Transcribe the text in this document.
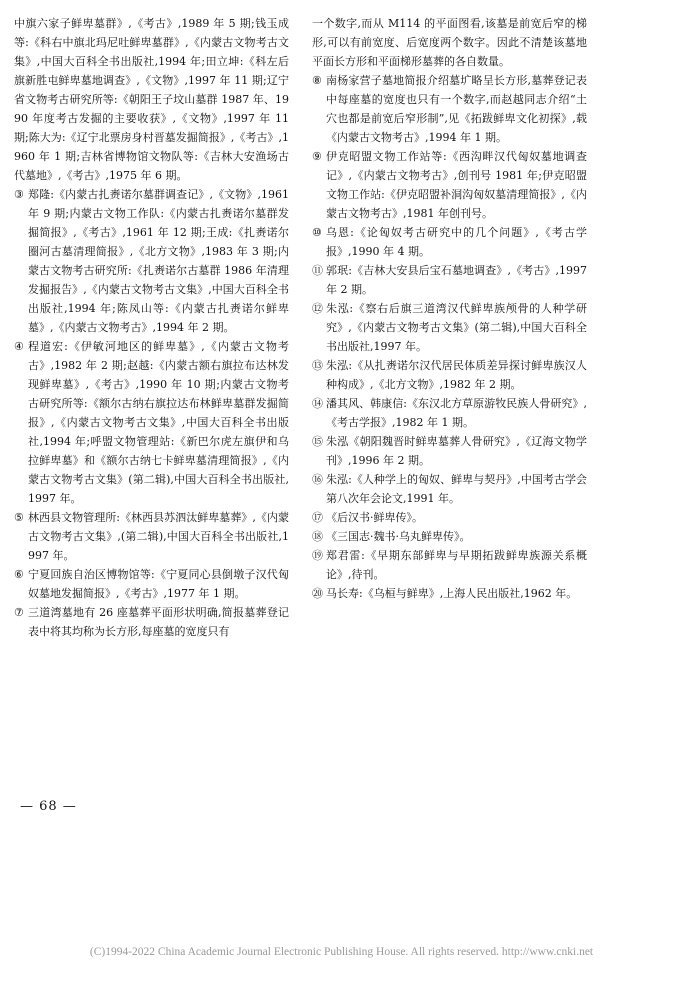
中旗六家子鲜卑墓群》,《考古》,1989 年 5 期;钱玉成等:《科右中旗北玛尼吐鲜卑墓群》,《内蒙古文物考古文集》,中国大百科全书出版社,1994 年;田立坤:《科左后旗新胜屯鲜卑墓地调查》,《文物》,1997 年 11 期;辽宁省文物考古研究所等:《朝阳王子坟山墓群 1987 年、1990 年度考古发掘的主要收获》,《文物》,1997 年 11 期;陈大为:《辽宁北票房身村晋墓发掘简报》,《考古》,1960 年 1 期;吉林省博物馆文物队等:《吉林大安渔场古代墓地》,《考古》,1975 年 6 期。

③ 郑隆:《内蒙古扎赉诺尔墓群调查记》,《文物》,1961 年 9 期;内蒙古文物工作队:《内蒙古扎赉诺尔墓群发掘简报》,《考古》,1961 年 12 期;王成:《扎赉诺尔圈河古墓清理简报》,《北方文物》,1983 年 3 期;内蒙古文物考古研究所:《扎赉诺尔古墓群 1986 年清理发掘报告》,《内蒙古文物考古文集》,中国大百科全书出版社,1994 年;陈凤山等:《内蒙古扎赉诺尔鲜卑墓》,《内蒙古文物考古》,1994 年 2 期。

④ 程道宏:《伊敏河地区的鲜卑墓》,《内蒙古文物考古》,1982 年 2 期;赵越:《内蒙古额右旗拉布达林发现鲜卑墓》,《考古》,1990 年 10 期;内蒙古文物考古研究所等:《额尔古纳右旗拉达布林鲜卑墓群发掘简报》,《内蒙古文物考古文集》,中国大百科全书出版社,1994 年;呼盟文物管理站:《新巴尔虎左旗伊和乌拉鲜卑墓》和《额尔古纳七卡鲜卑墓清理简报》,《内蒙古文物考古文集》(第二辑),中国大百科全书出版社,1997 年。

⑤ 林西县文物管理所:《林西县苏泗汰鲜卑墓葬》,《内蒙古文物考古文集》,(第二辑),中国大百科全书出版社,1997 年。

⑥ 宁夏回族自治区博物馆等:《宁夏同心县倒墩子汉代匈奴墓地发掘简报》,《考古》,1977 年 1 期。

⑦ 三道湾墓地有 26 座墓葬平面形状明确,简报墓葬登记表中将其均称为长方形,每座墓的宽度只有

一个数字,而从 M114 的平面图看,该墓是前宽后窄的梯形,可以有前宽度、后宽度两个数字。因此不清楚该墓地平面长方形和平面梯形墓葬的各自数量。

⑧ 南杨家营子墓地简报介绍墓圹略呈长方形,墓葬登记表中每座墓的宽度也只有一个数字,而赵越同志介绍“土穴也都是前宽后窄形制”,见《拓跋鲜卑文化初探》,载《内蒙古文物考古》,1994 年 1 期。

⑨ 伊克昭盟文物工作站等:《西沟畔汉代匈奴墓地调查记》,《内蒙古文物考古》,创刊号 1981 年;伊克昭盟文物工作站:《伊克昭盟补洞沟匈奴墓清理简报》,《内蒙古文物考古》,1981 年创刊号。

⑩ 乌恩:《论匈奴考古研究中的几个问题》,《考古学报》,1990 年 4 期。

⑪ 郭珉:《吉林大安县后宝石墓地调查》,《考古》,1997 年 2 期。

⑫ 朱泓:《察右后旗三道湾汉代鲜卑族颅骨的人种学研究》,《内蒙古文物考古文集》(第二辑),中国大百科全书出版社,1997 年。

⑬ 朱泓:《从扎赉诺尔汉代居民体质差异探讨鲜卑族汉人种构成》,《北方文物》,1982 年 2 期。

⑭ 潘其风、韩康信:《东汉北方草原游牧民族人骨研究》,《考古学报》,1982 年 1 期。

⑮ 朱泓《朝阳魏晋时鲜卑墓葬人骨研究》,《辽海文物学刊》,1996 年 2 期。

⑯ 朱泓:《人种学上的匈奴、鲜卑与契丹》,中国考古学会第八次年会论文,1991 年。

⑰ 《后汉书·鲜卑传》。

⑱ 《三国志·魏书·乌丸鲜卑传》。

⑲ 郑君雷:《早期东部鲜卑与早期拓跋鲜卑族源关系概论》,待刊。

⑳ 马长寿:《乌桓与鲜卑》,上海人民出版社,1962 年。

— 68 —
(C)1994-2022 China Academic Journal Electronic Publishing House. All rights reserved. http://www.cnki.net
